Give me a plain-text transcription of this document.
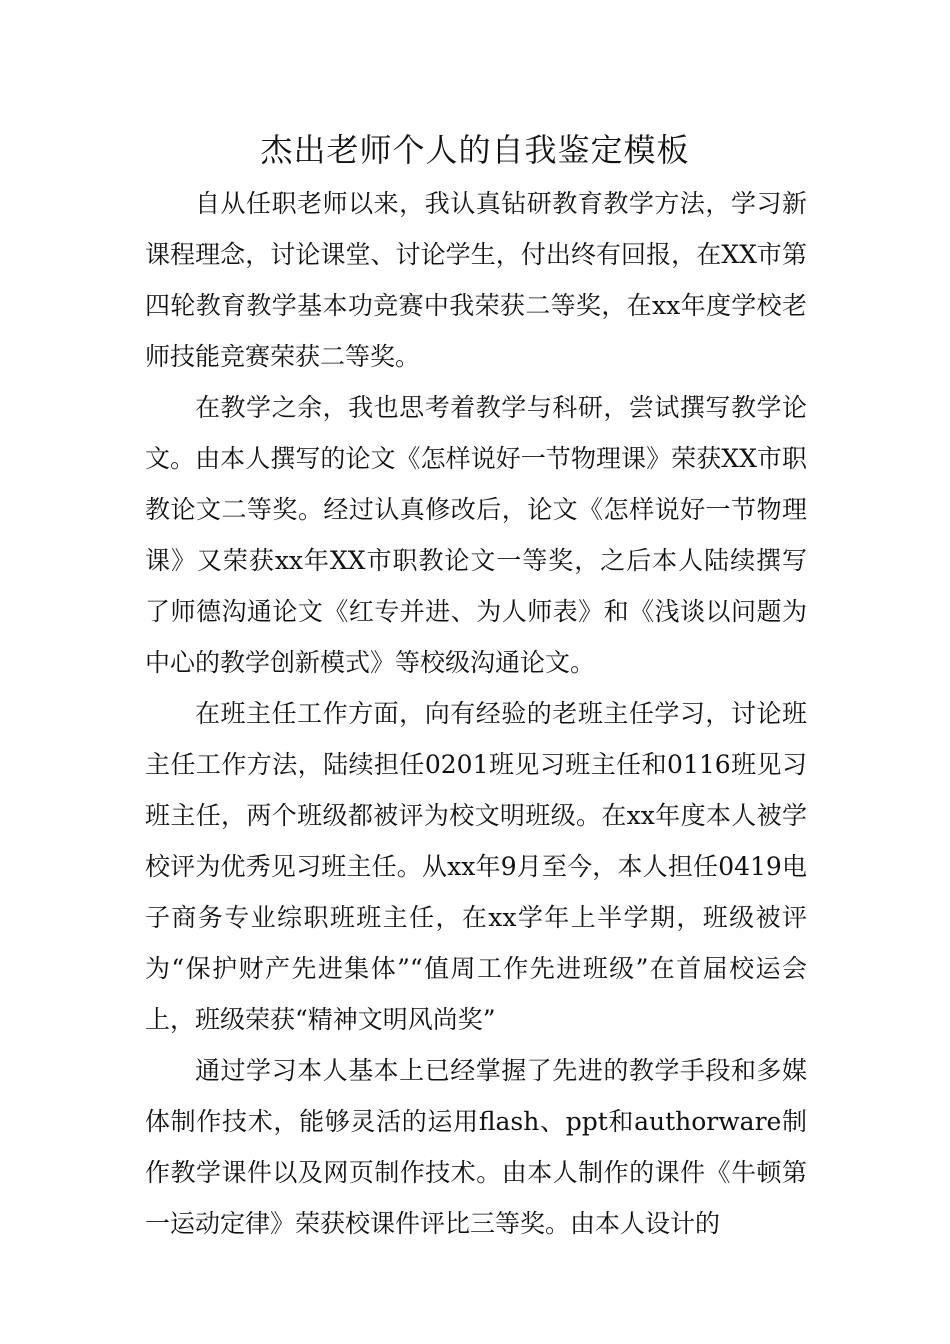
杰出老师个人的自我鉴定模板

自从任职老师以来，我认真钻研教育教学方法，学习新课程理念，讨论课堂、讨论学生，付出终有回报，在XX市第四轮教育教学基本功竞赛中我荣获二等奖，在xx年度学校老师技能竞赛荣获二等奖。

在教学之余，我也思考着教学与科研，尝试撰写教学论文。由本人撰写的论文《怎样说好一节物理课》荣获XX市职教论文二等奖。经过认真修改后，论文《怎样说好一节物理课》又荣获xx年XX市职教论文一等奖，之后本人陆续撰写了师德沟通论文《红专并进、为人师表》和《浅谈以问题为中心的教学创新模式》等校级沟通论文。

在班主任工作方面，向有经验的老班主任学习，讨论班主任工作方法，陆续担任0201班见习班主任和0116班见习班主任，两个班级都被评为校文明班级。在xx年度本人被学校评为优秀见习班主任。从xx年9月至今，本人担任0419电子商务专业综职班班主任，在xx学年上半学期，班级被评为“保护财产先进集体”“值周工作先进班级”在首届校运会上，班级荣获“精神文明风尚奖”

通过学习本人基本上已经掌握了先进的教学手段和多媒体制作技术，能够灵活的运用flash、ppt和authorware制作教学课件以及网页制作技术。由本人制作的课件《牛顿第一运动定律》荣获校课件评比三等奖。由本人设计的
